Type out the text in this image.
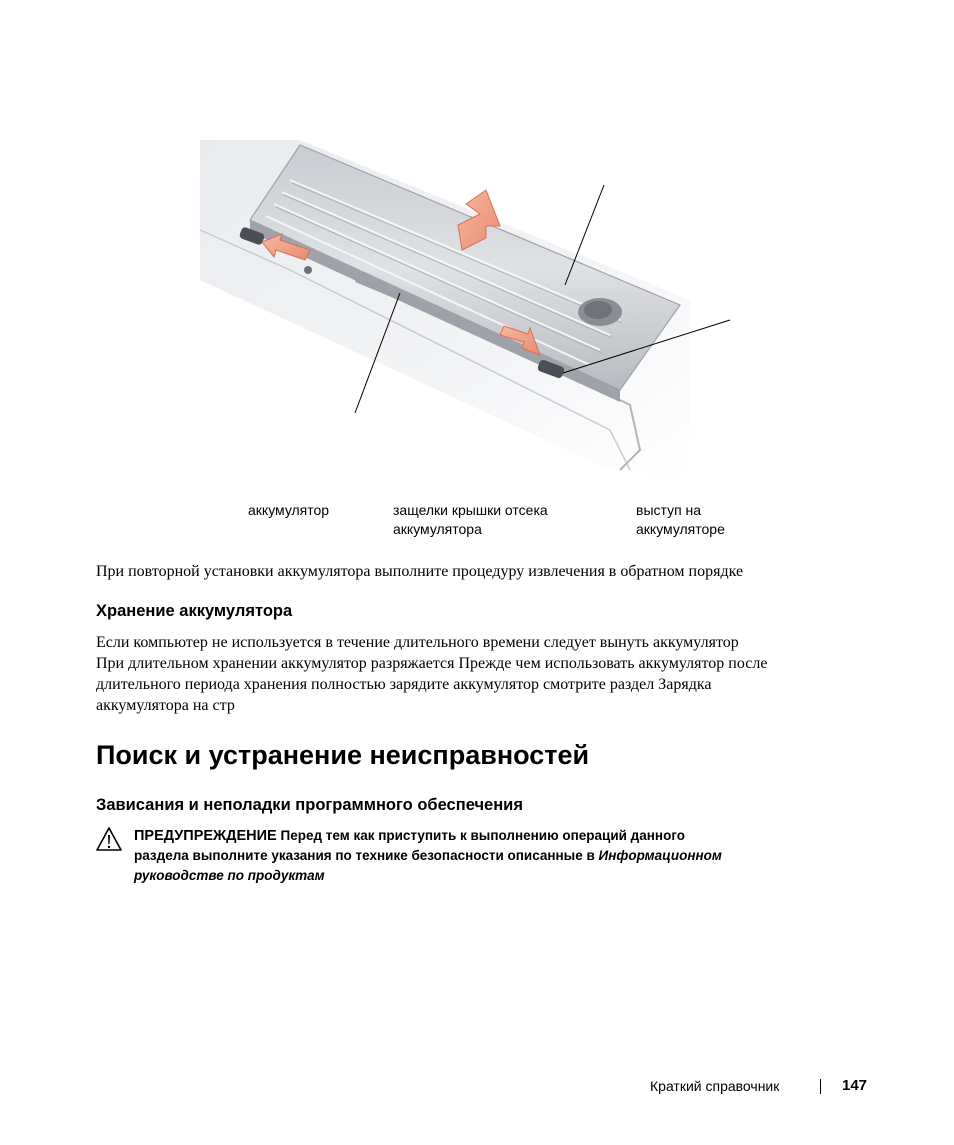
аккумулятор	защелки крышки отсека
аккумулятора
выступ на
аккумуляторе
При повторной установки аккумулятора выполните процедуру извлечения в обратном порядке
Хранение аккумулятора
Если компьютер не используется в течение длительного времени следует вынуть аккумулятор
При длительном хранении аккумулятор разряжается Прежде чем использовать аккумулятор после
длительного периода хранения полностью зарядите аккумулятор смотрите раздел Зарядка
аккумулятора на стр
Поиск и устранение неисправностей
Зависания и неполадки программного обеспечения
ПРЕДУПРЕЖДЕНИЕ Перед тем как приступить к выполнению операций данного
раздела выполните указания по технике безопасности описанные в Информационном
руководстве по продуктам
Краткий справочник	147
